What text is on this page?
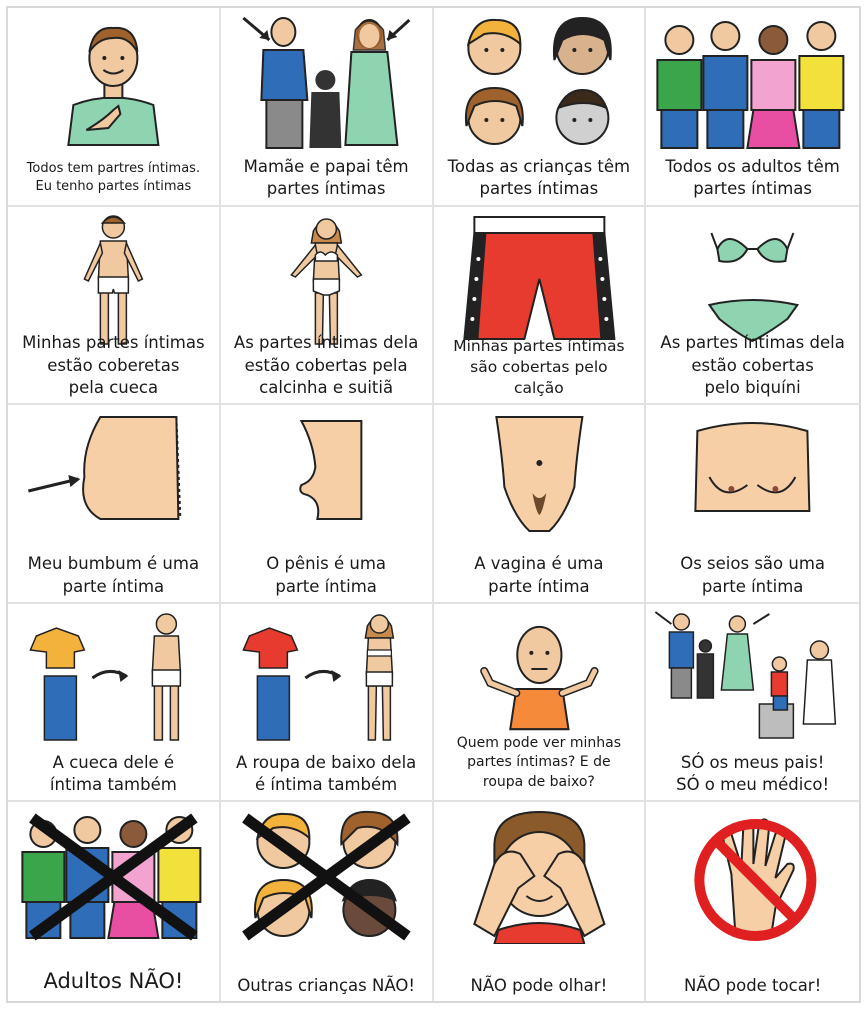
Todos tem partres íntimas.
Eu tenho partes íntimas
Mamãe e papai têm
partes íntimas
Todas as crianças têm
partes íntimas
Todos os adultos têm
partes íntimas
Minhas partes íntimas
estão coberetas
pela cueca
As partes íntimas dela
estão cobertas pela
calcinha e suitiã
Minhas partes íntimas
são cobertas pelo
calção
As partes íntimas dela
estão cobertas
pelo biquíni
Meu bumbum é uma
parte íntima
O pênis é uma
parte íntima
A vagina é uma
parte íntima
Os seios são uma
parte íntima
A cueca dele é
íntima também
A roupa de baixo dela
é íntima também
Quem pode ver minhas
partes íntimas? E de
roupa de baixo?
SÓ os meus pais!
SÓ o meu médico!
Adultos NÃO!	Outras crianças NÃO!	NÃO pode olhar!	NÃO pode tocar!
